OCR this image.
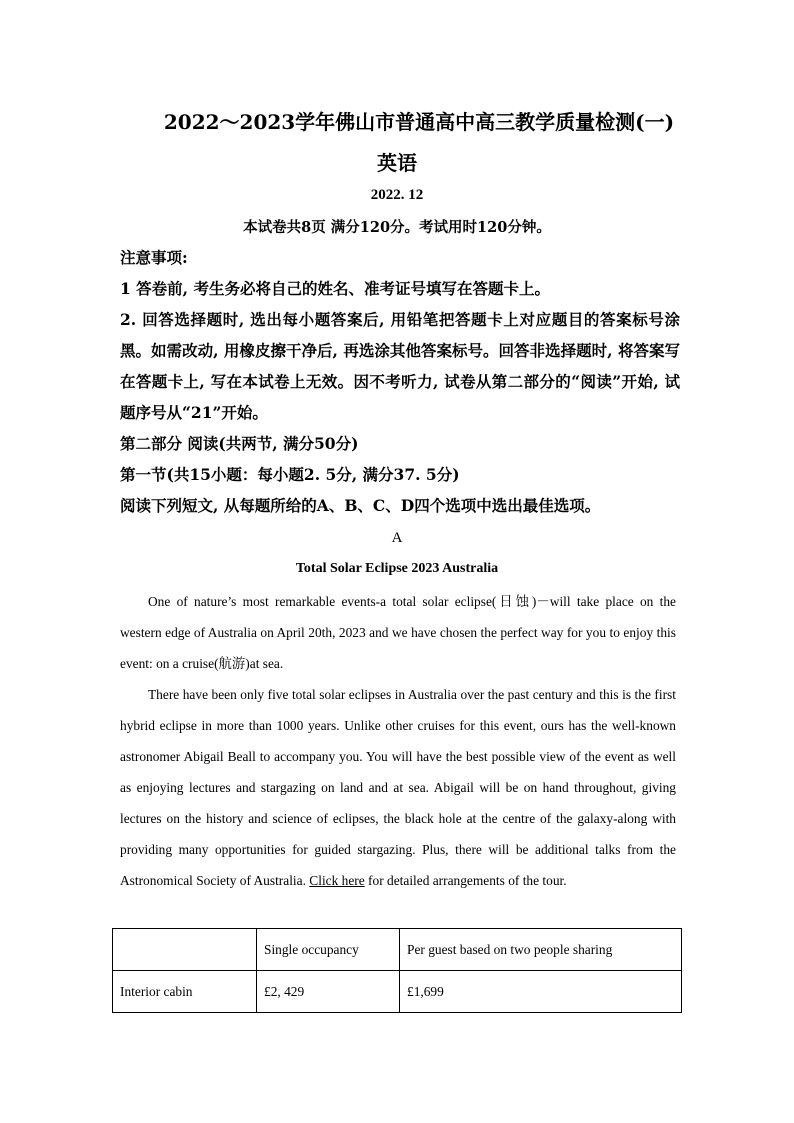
2022～2023学年佛山市普通高中高三教学质量检测(一)
英语
2022. 12
本试卷共8页 满分120分。考试用时120分钟。
注意事项:
1 答卷前, 考生务必将自己的姓名、准考证号填写在答题卡上。
2. 回答选择题时, 选出每小题答案后, 用铅笔把答题卡上对应题目的答案标号涂黑。如需改动, 用橡皮擦干净后, 再选涂其他答案标号。回答非选择题时, 将答案写在答题卡上, 写在本试卷上无效。因不考听力, 试卷从第二部分的“阅读”开始, 试题序号从“21”开始。
第二部分 阅读(共两节, 满分50分)
第一节(共15小题：每小题2. 5分, 满分37. 5分)
阅读下列短文, 从每题所给的A、B、C、D四个选项中选出最佳选项。
A
Total Solar Eclipse 2023 Australia
One of nature’s most remarkable events-a total solar eclipse(日蚀)－will take place on the western edge of Australia on April 20th, 2023 and we have chosen the perfect way for you to enjoy this event: on a cruise(航游)at sea.
There have been only five total solar eclipses in Australia over the past century and this is the first hybrid eclipse in more than 1000 years. Unlike other cruises for this event, ours has the well-known astronomer Abigail Beall to accompany you. You will have the best possible view of the event as well as enjoying lectures and stargazing on land and at sea. Abigail will be on hand throughout, giving lectures on the history and science of eclipses, the black hole at the centre of the galaxy-along with providing many opportunities for guided stargazing. Plus, there will be additional talks from the Astronomical Society of Australia. Click here for detailed arrangements of the tour.
	Single occupancy	Per guest based on two people sharing
Interior cabin	£2, 429	£1,699
